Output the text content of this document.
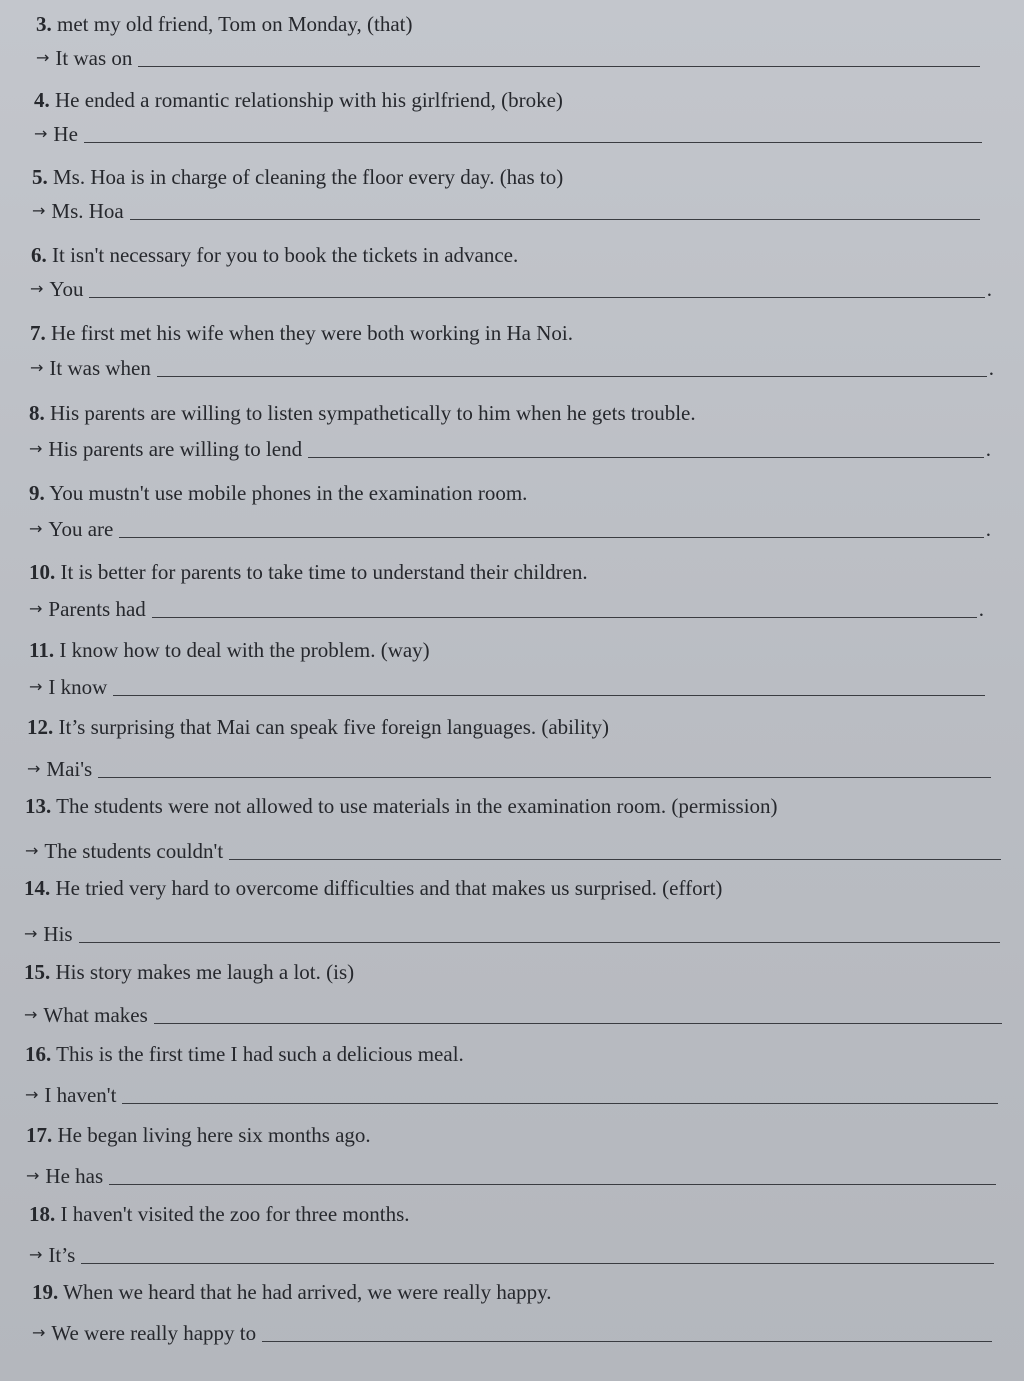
3. met my old friend, Tom on Monday, (that)
→ It was on
4. He ended a romantic relationship with his girlfriend, (broke)
→ He
5. Ms. Hoa is in charge of cleaning the floor every day. (has to)
→ Ms. Hoa
6. It isn't necessary for you to book the tickets in advance.
→ You	.
7. He first met his wife when they were both working in Ha Noi.
→ It was when	.
8. His parents are willing to listen sympathetically to him when he gets trouble.
→ His parents are willing to lend	.
9. You mustn't use mobile phones in the examination room.
→ You are	.
10. It is better for parents to take time to understand their children.
→ Parents had	.
11. I know how to deal with the problem. (way)
→ I know
12. It’s surprising that Mai can speak five foreign languages. (ability)
→ Mai's
13. The students were not allowed to use materials in the examination room. (permission)
→ The students couldn't
14. He tried very hard to overcome difficulties and that makes us surprised. (effort)
→ His
15. His story makes me laugh a lot. (is)
→ What makes
16. This is the first time I had such a delicious meal.
→ I haven't
17. He began living here six months ago.
→ He has
18. I haven't visited the zoo for three months.
→ It’s
19. When we heard that he had arrived, we were really happy.
→ We were really happy to
